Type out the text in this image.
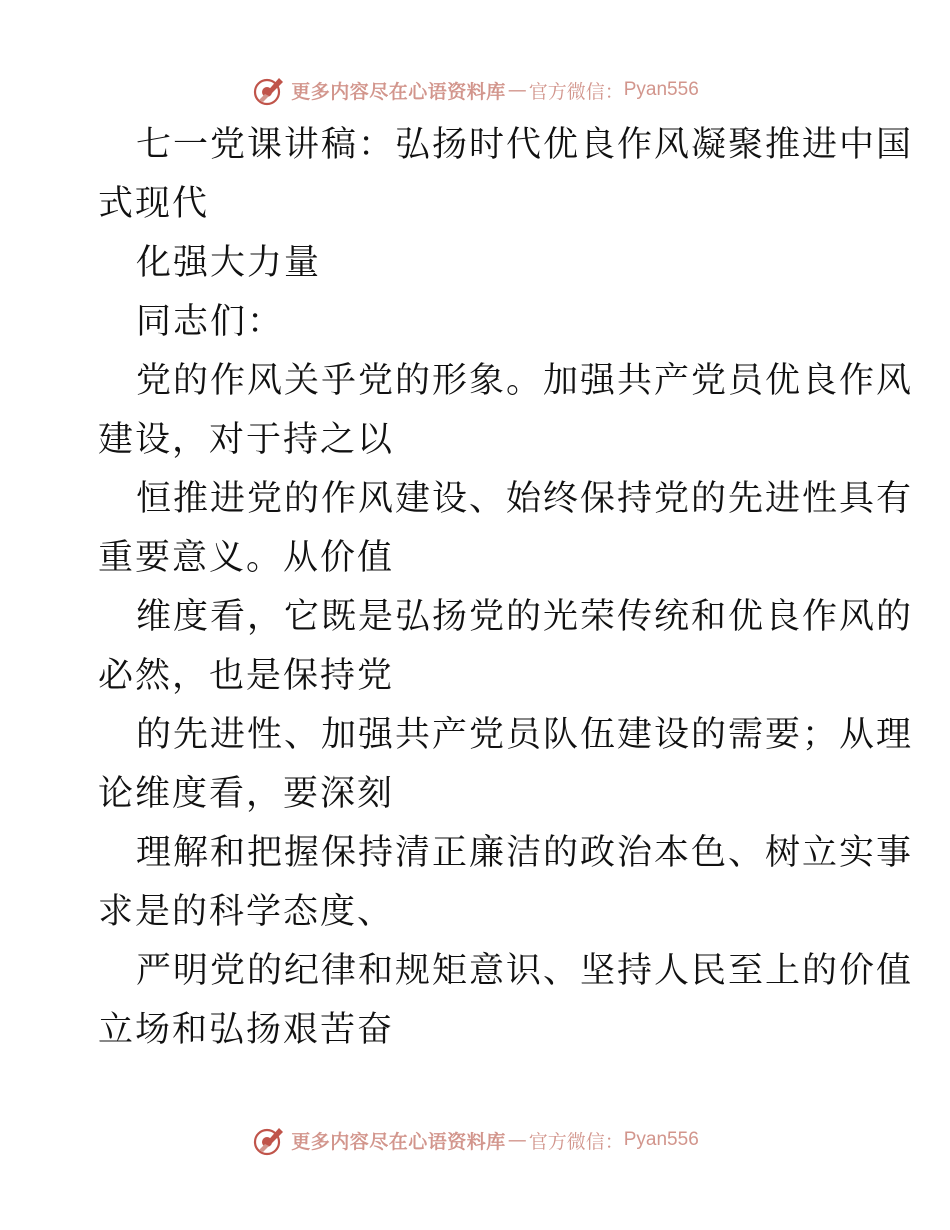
更多内容尽在心语资料库 — 官方微信： Pyan556
七一党课讲稿：弘扬时代优良作风凝聚推进中国
式现代
化强大力量
同志们：
党的作风关乎党的形象。加强共产党员优良作风
建设，对于持之以
恒推进党的作风建设、始终保持党的先进性具有
重要意义。从价值
维度看，它既是弘扬党的光荣传统和优良作风的
必然，也是保持党
的先进性、加强共产党员队伍建设的需要；从理
论维度看，要深刻
理解和把握保持清正廉洁的政治本色、树立实事
求是的科学态度、
严明党的纪律和规矩意识、坚持人民至上的价值
立场和弘扬艰苦奋
更多内容尽在心语资料库 — 官方微信： Pyan556
